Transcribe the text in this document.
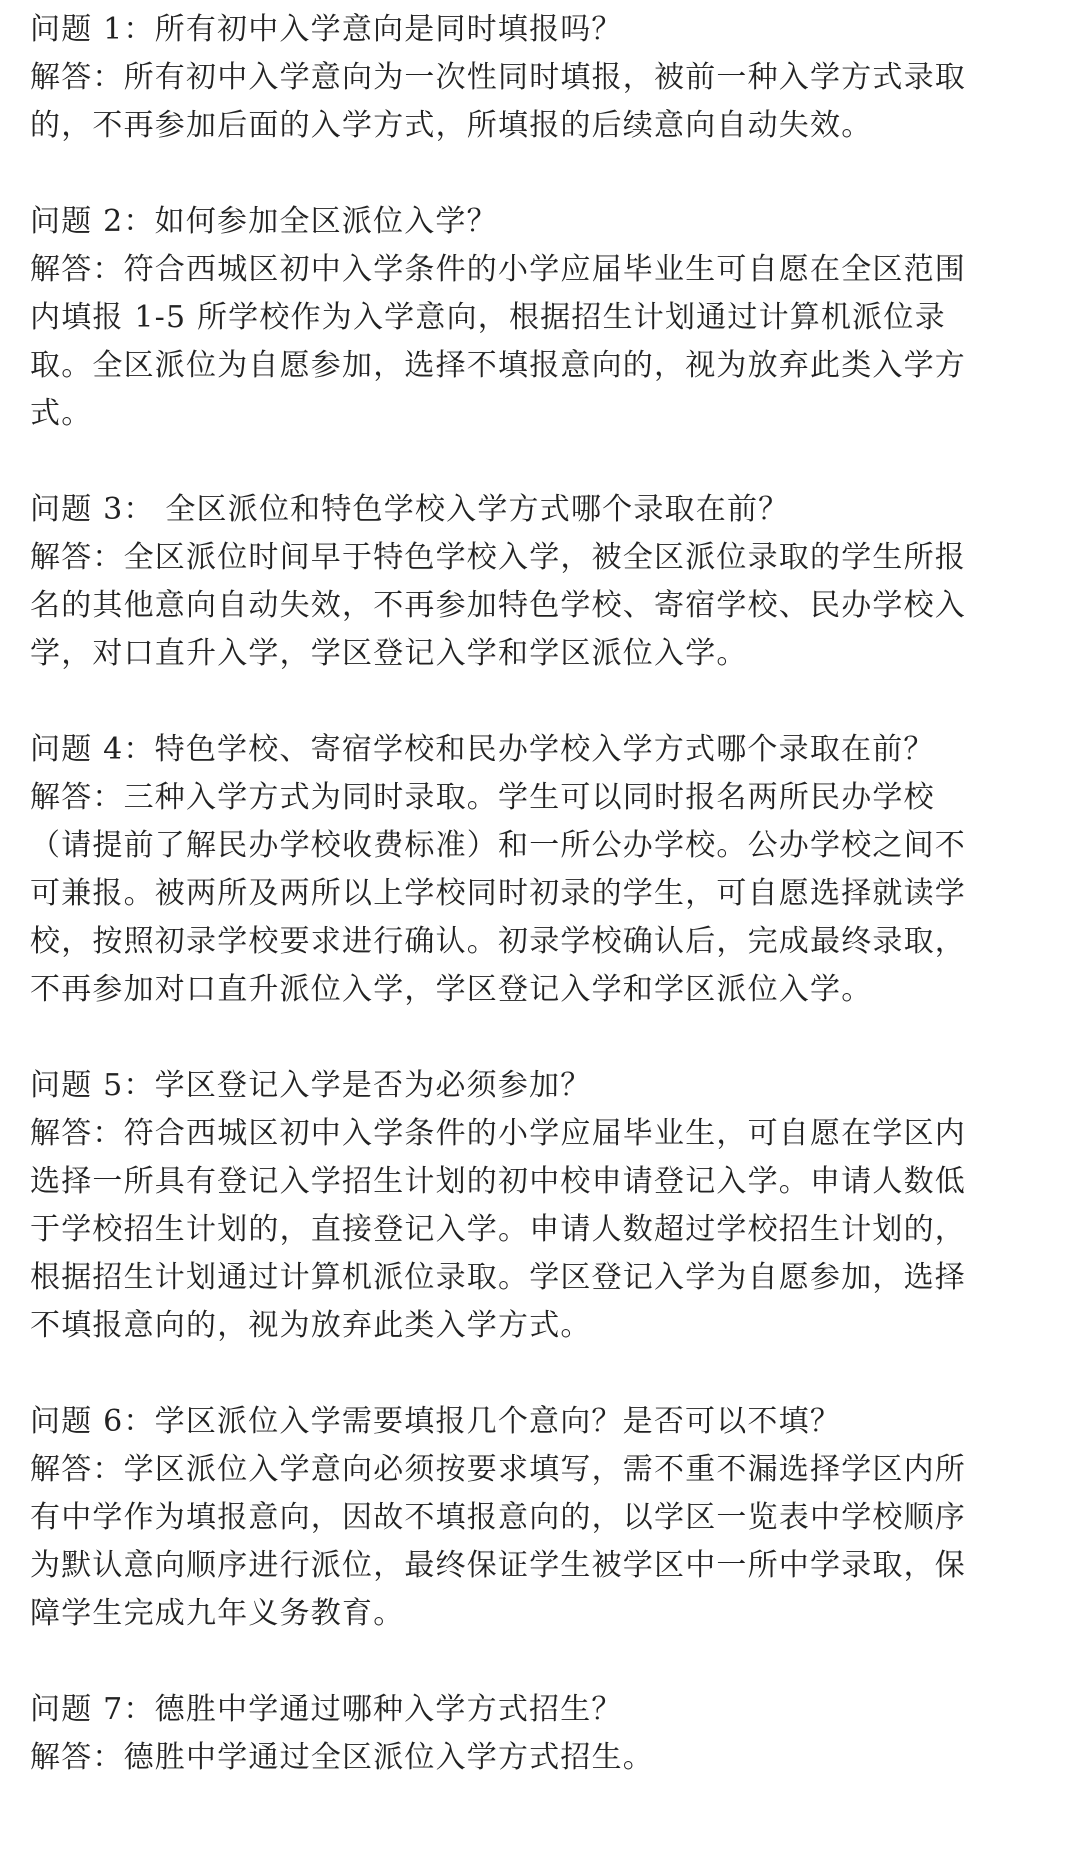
问题 1：所有初中入学意向是同时填报吗？
解答：所有初中入学意向为一次性同时填报，被前一种入学方式录取
的，不再参加后面的入学方式，所填报的后续意向自动失效。
问题 2：如何参加全区派位入学？
解答：符合西城区初中入学条件的小学应届毕业生可自愿在全区范围
内填报 1-5 所学校作为入学意向，根据招生计划通过计算机派位录
取。全区派位为自愿参加，选择不填报意向的，视为放弃此类入学方
式。
问题 3： 全区派位和特色学校入学方式哪个录取在前？
解答：全区派位时间早于特色学校入学，被全区派位录取的学生所报
名的其他意向自动失效，不再参加特色学校、寄宿学校、民办学校入
学，对口直升入学，学区登记入学和学区派位入学。
问题 4：特色学校、寄宿学校和民办学校入学方式哪个录取在前？
解答：三种入学方式为同时录取。学生可以同时报名两所民办学校
（请提前了解民办学校收费标准）和一所公办学校。公办学校之间不
可兼报。被两所及两所以上学校同时初录的学生，可自愿选择就读学
校，按照初录学校要求进行确认。初录学校确认后，完成最终录取，
不再参加对口直升派位入学，学区登记入学和学区派位入学。
问题 5：学区登记入学是否为必须参加？
解答：符合西城区初中入学条件的小学应届毕业生，可自愿在学区内
选择一所具有登记入学招生计划的初中校申请登记入学。申请人数低
于学校招生计划的，直接登记入学。申请人数超过学校招生计划的，
根据招生计划通过计算机派位录取。学区登记入学为自愿参加，选择
不填报意向的，视为放弃此类入学方式。
问题 6：学区派位入学需要填报几个意向？是否可以不填？
解答：学区派位入学意向必须按要求填写，需不重不漏选择学区内所
有中学作为填报意向，因故不填报意向的，以学区一览表中学校顺序
为默认意向顺序进行派位，最终保证学生被学区中一所中学录取，保
障学生完成九年义务教育。
问题 7：德胜中学通过哪种入学方式招生？
解答：德胜中学通过全区派位入学方式招生。
